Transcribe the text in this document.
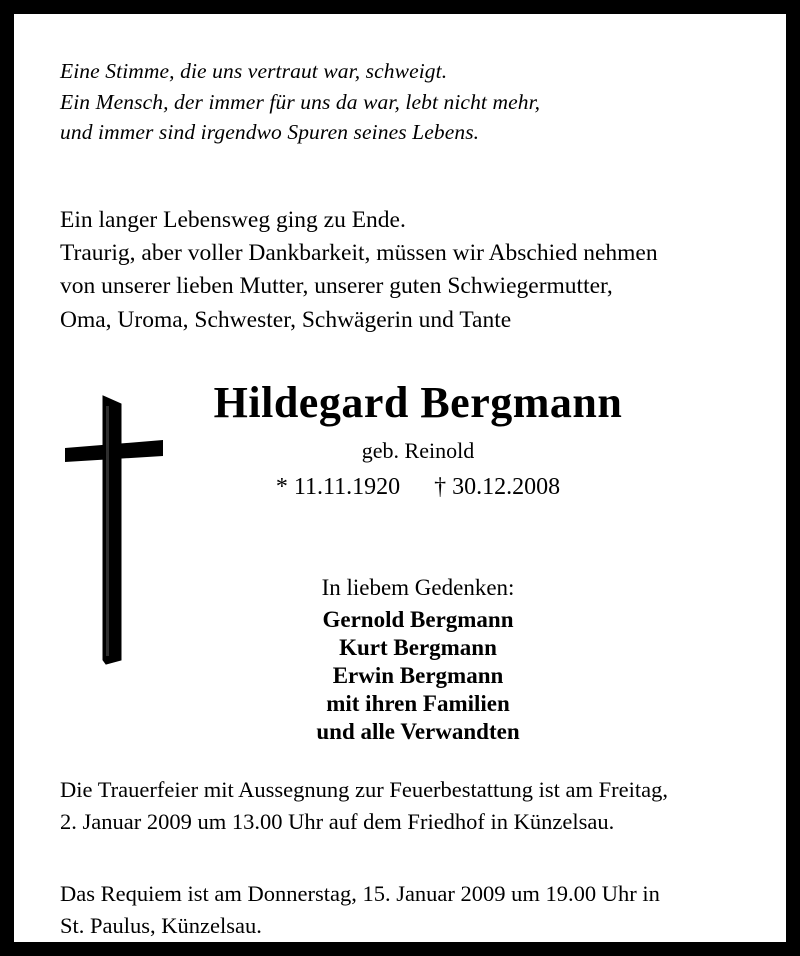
Eine Stimme, die uns vertraut war, schweigt.
Ein Mensch, der immer für uns da war, lebt nicht mehr,
und immer sind irgendwo Spuren seines Lebens.
Ein langer Lebensweg ging zu Ende.
Traurig, aber voller Dankbarkeit, müssen wir Abschied nehmen
von unserer lieben Mutter, unserer guten Schwiegermutter,
Oma, Uroma, Schwester, Schwägerin und Tante
Hildegard Bergmann
geb. Reinold
* 11.11.1920 † 30.12.2008
In liebem Gedenken:
Gernold Bergmann
Kurt Bergmann
Erwin Bergmann
mit ihren Familien
und alle Verwandten
Die Trauerfeier mit Aussegnung zur Feuerbestattung ist am Freitag,
2. Januar 2009 um 13.00 Uhr auf dem Friedhof in Künzelsau.
Das Requiem ist am Donnerstag, 15. Januar 2009 um 19.00 Uhr in
St. Paulus, Künzelsau.
